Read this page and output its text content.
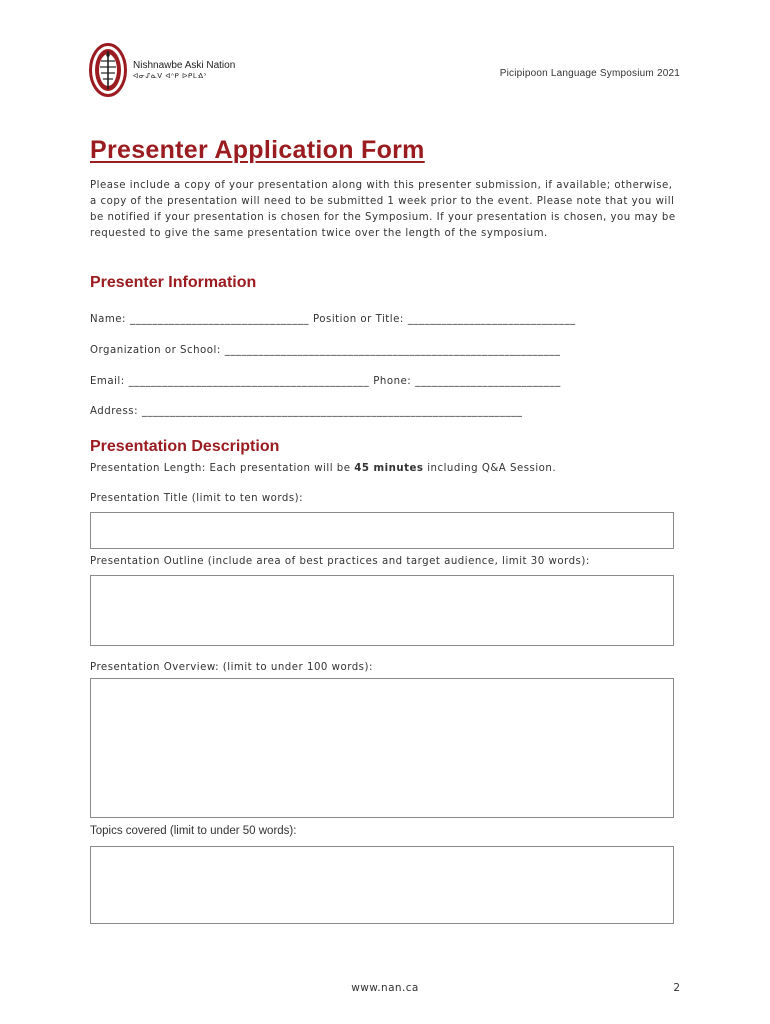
Nishnawbe Aski Nation
ᐊᓂᔑᓈᐯ ᐊᐢᑭ ᐅᑭᒪᐎᐣ	Picipipoon Language Symposium 2021
Presenter Application Form

Please include a copy of your presentation along with this presenter submission, if available; otherwise, a copy of the presentation will need to be submitted 1 week prior to the event. Please note that you will be notified if your presentation is chosen for the Symposium. If your presentation is chosen, you may be requested to give the same presentation twice over the length of the symposium.

Presenter Information
Name: ________________________________ Position or Title: ______________________________
Organization or School: ____________________________________________________________
Email: ___________________________________________ Phone: __________________________
Address: ____________________________________________________________________
Presentation Description
Presentation Length: Each presentation will be 45 minutes including Q&A Session.
Presentation Title (limit to ten words):
Presentation Outline (include area of best practices and target audience, limit 30 words):
Presentation Overview: (limit to under 100 words):
Topics covered (limit to under 50 words):
www.nan.ca	2
